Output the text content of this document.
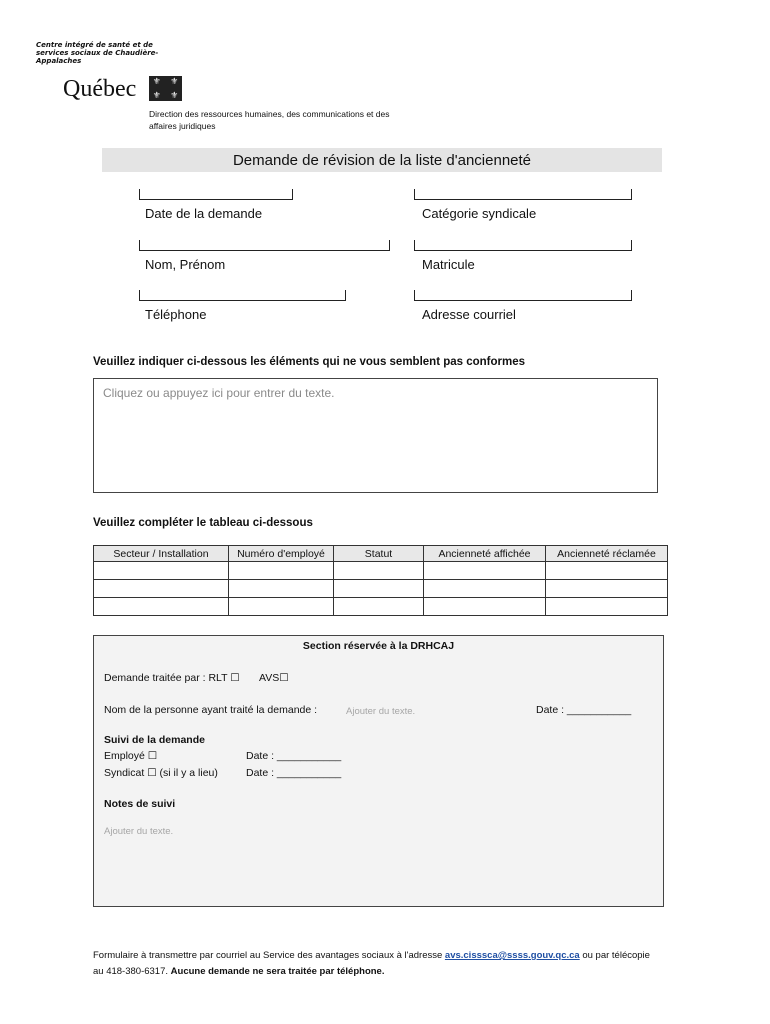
Centre intégré de santé et de services sociaux de Chaudière-Appalaches
Québec	⚜	⚜
⚜	⚜
Direction des ressources humaines, des communications et des affaires juridiques
Demande de révision de la liste d'ancienneté
Date de la demande	Catégorie syndicale
Nom, Prénom	Matricule
Téléphone	Adresse courriel
Veuillez indiquer ci-dessous les éléments qui ne vous semblent pas conformes
Cliquez ou appuyez ici pour entrer du texte.
Veuillez compléter le tableau ci-dessous
Secteur / Installation	Numéro d'employé	Statut	Ancienneté affichée	Ancienneté réclamée

Section réservée à la DRHCAJ
Demande traitée par : RLT ☐ AVS☐
Nom de la personne ayant traité la demande :	Ajouter du texte.	Date : ___________
Suivi de la demande
Employé ☐	Date : ___________
Syndicat ☐ (si il y a lieu)	Date : ___________
Notes de suivi
Ajouter du texte.
Formulaire à transmettre par courriel au Service des avantages sociaux à l'adresse avs.cisssca@ssss.gouv.qc.ca ou par télécopie au 418-380-6317. Aucune demande ne sera traitée par téléphone.
